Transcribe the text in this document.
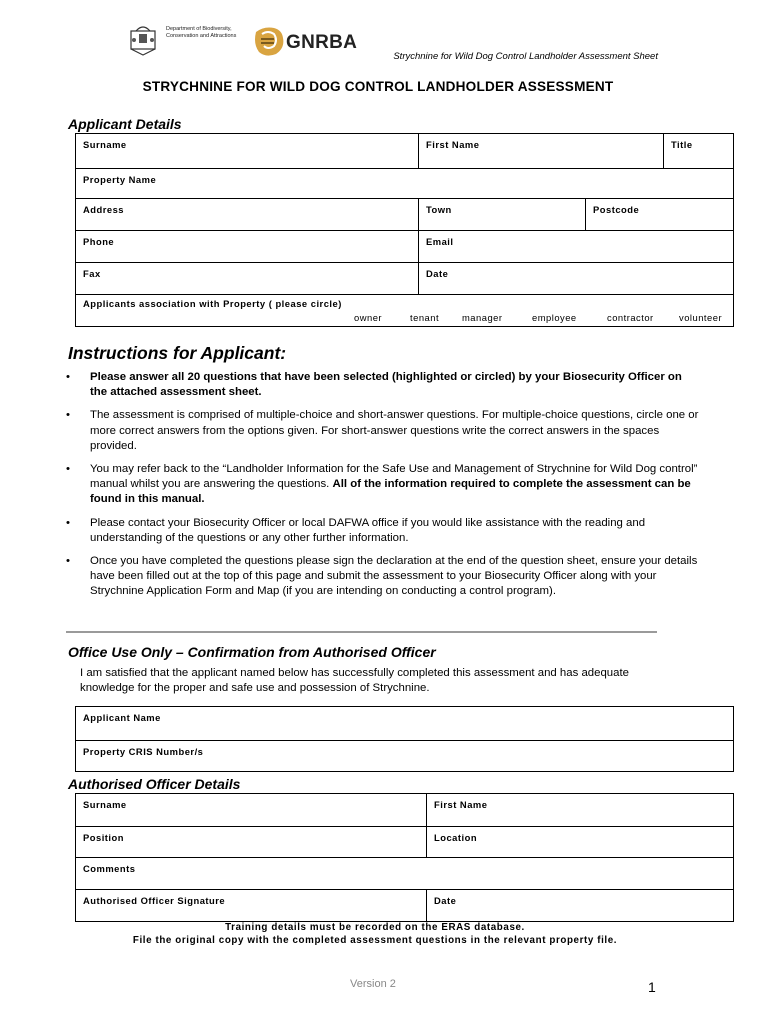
Department of Biodiversity,
Conservation and Attractions	GNRBA
Strychnine for Wild Dog Control Landholder Assessment Sheet
STRYCHNINE FOR WILD DOG CONTROL LANDHOLDER ASSESSMENT
Applicant Details
Surname	First Name	Title
Property Name
Address	Town	Postcode
Phone	Email
Fax	Date
Applicants association with Property ( please circle)
owner	tenant manager	employee	contractor	volunteer
Instructions for Applicant:
• Please answer all 20 questions that have been selected (highlighted or circled) by your Biosecurity Officer on the attached assessment sheet.
• The assessment is comprised of multiple-choice and short-answer questions. For multiple-choice questions, circle one or more correct answers from the options given. For short-answer questions write the correct answers in the spaces provided.
• You may refer back to the “Landholder Information for the Safe Use and Management of Strychnine for Wild Dog control” manual whilst you are answering the questions. All of the information required to complete the assessment can be found in this manual.
• Please contact your Biosecurity Officer or local DAFWA office if you would like assistance with the reading and understanding of the questions or any other further information.
• Once you have completed the questions please sign the declaration at the end of the question sheet, ensure your details have been filled out at the top of this page and submit the assessment to your Biosecurity Officer along with your Strychnine Application Form and Map (if you are intending on conducting a control program).
Office Use Only – Confirmation from Authorised Officer
I am satisfied that the applicant named below has successfully completed this assessment and has adequate knowledge for the proper and safe use and possession of Strychnine.
Applicant Name
Property CRIS Number/s
Authorised Officer Details
Surname	First Name
Position	Location
Comments
Authorised Officer Signature	Date
Training details must be recorded on the ERAS database.
File the original copy with the completed assessment questions in the relevant property file.
Version 2	1
